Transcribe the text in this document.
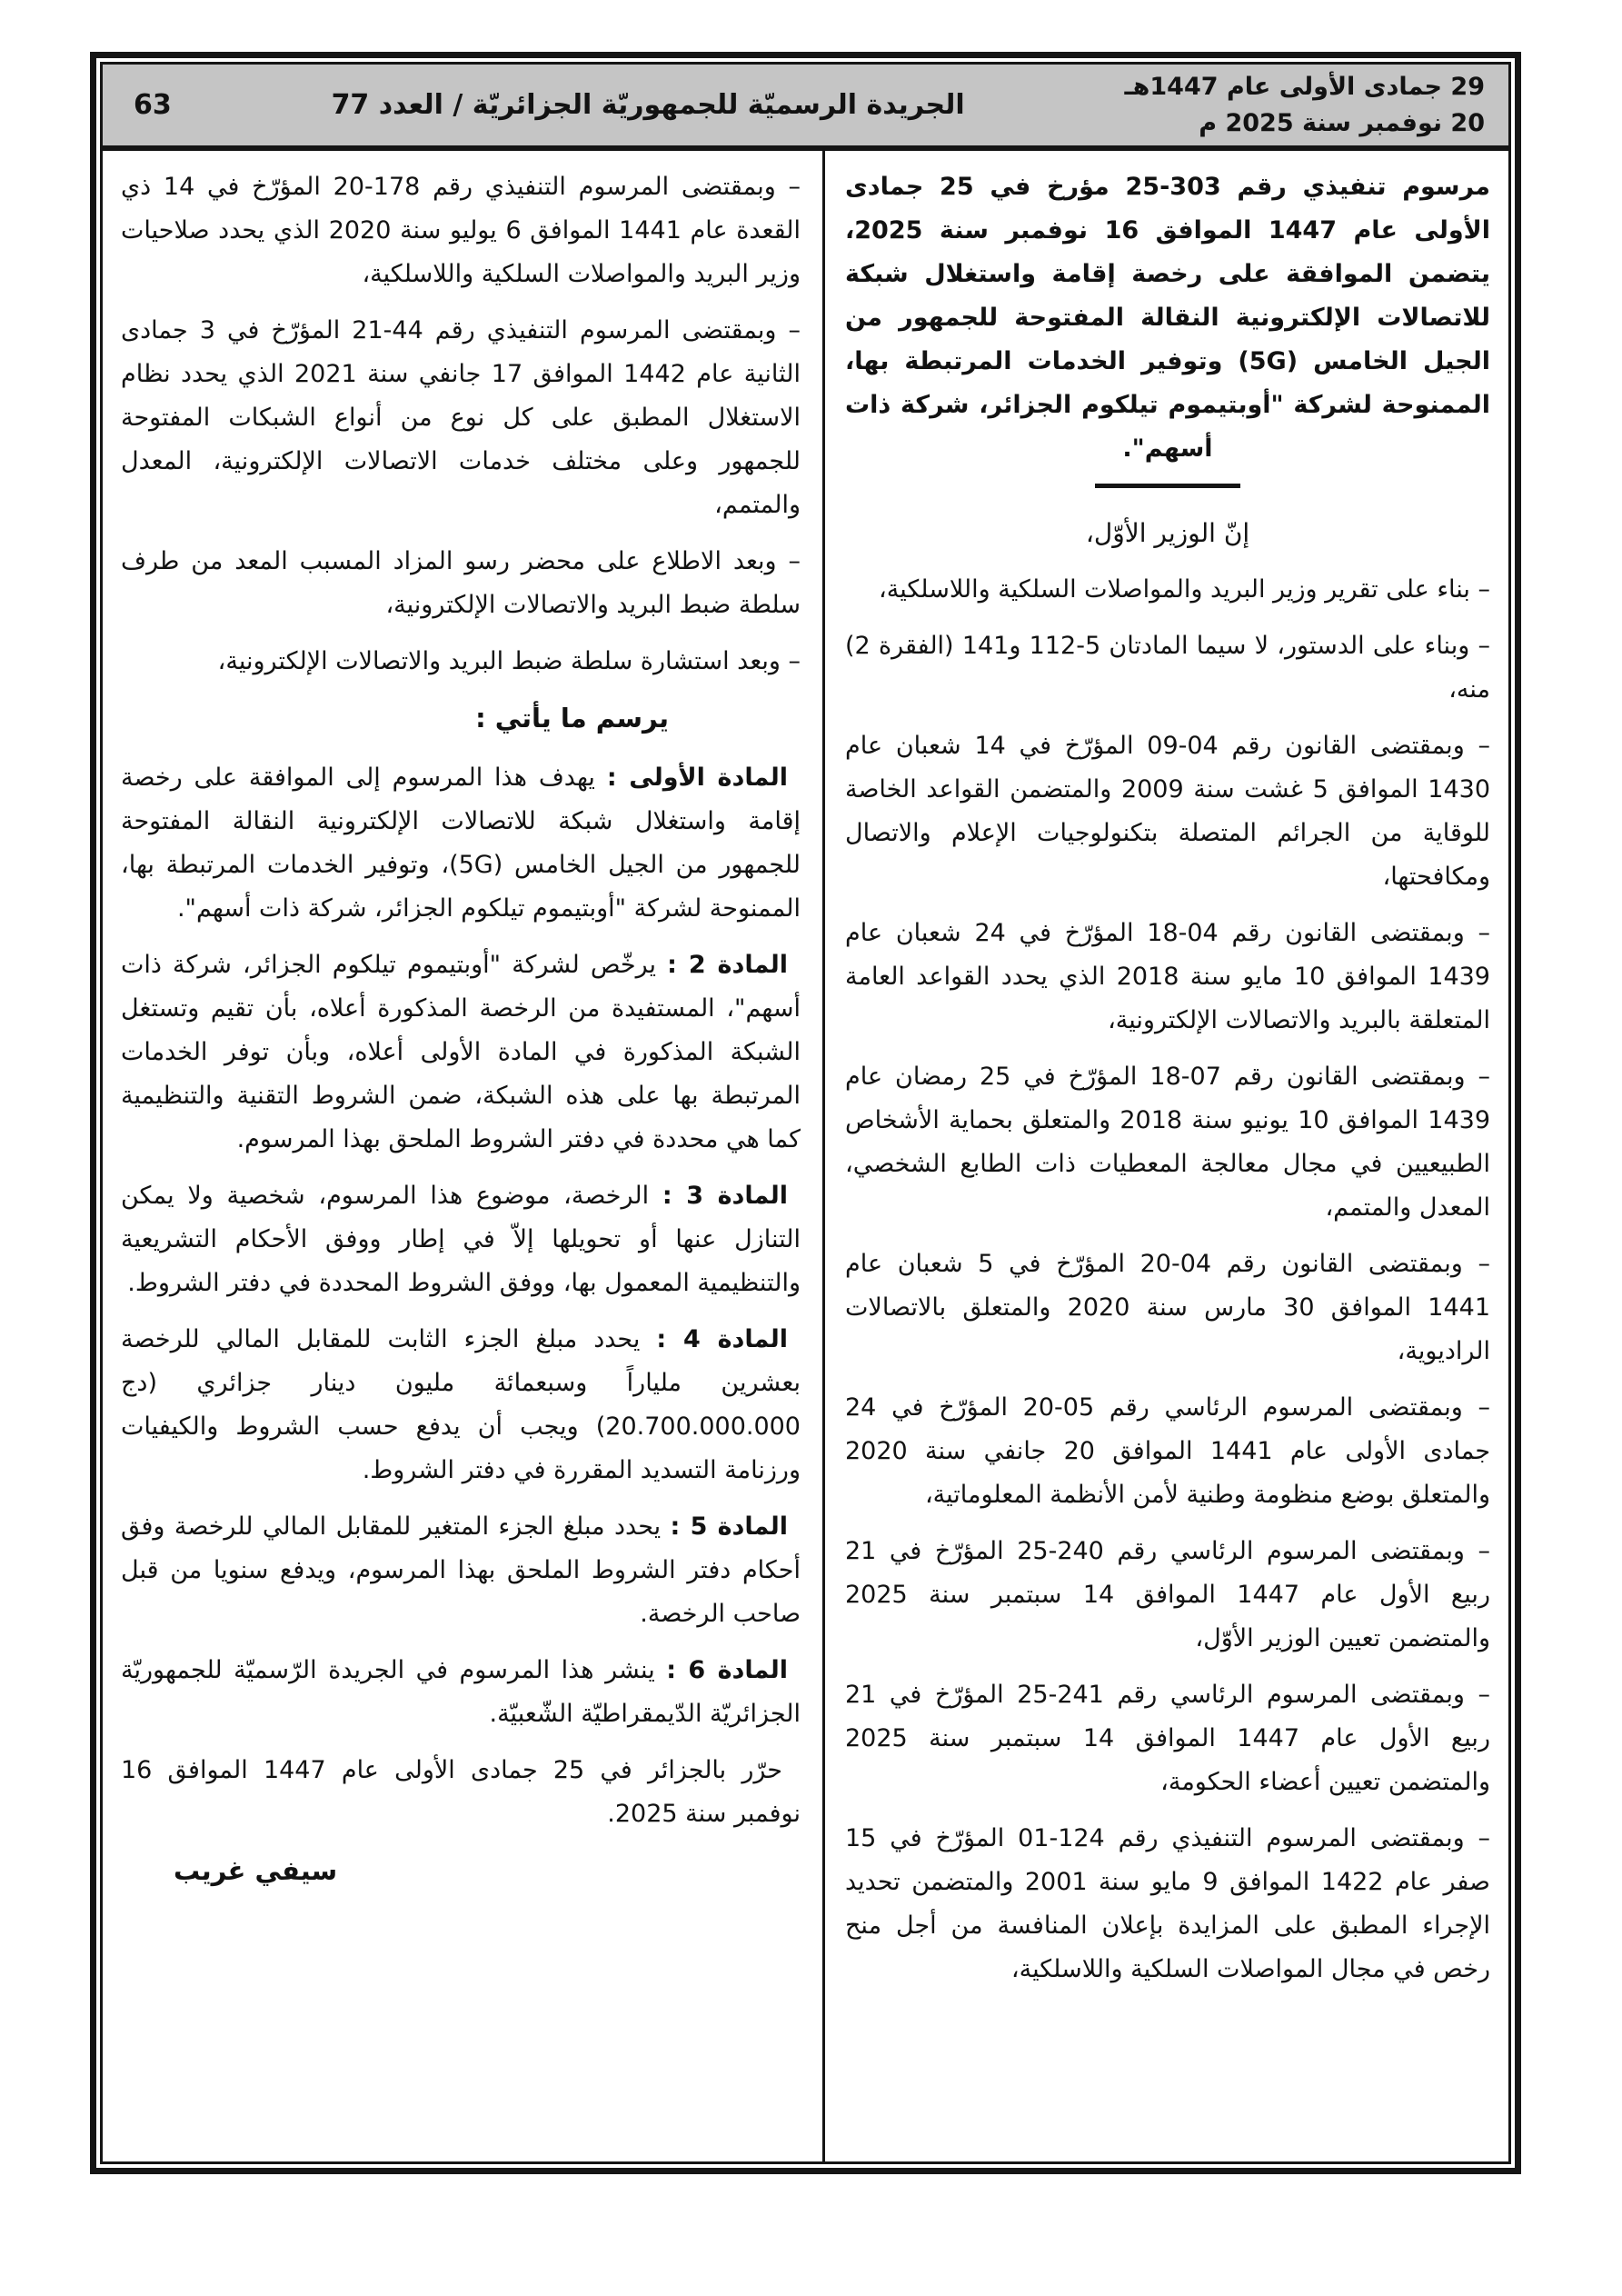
29 جمادى الأولى عام 1447هـ
20 نوفمبر سنة 2025 م
الجريدة الرسميّة للجمهوريّة الجزائريّة / العدد 77
63

مرسوم تنفيذي رقم 303-25 مؤرخ في 25 جمادى الأولى عام 1447 الموافق 16 نوفمبر سنة 2025، يتضمن الموافقة على رخصة إقامة واستغلال شبكة للاتصالات الإلكترونية النقالة المفتوحة للجمهور من الجيل الخامس (5G) وتوفير الخدمات المرتبطة بها، الممنوحة لشركة "أوبتيموم تيلكوم الجزائر، شركة ذات أسهم".

إنّ الوزير الأوّل،

– بناء على تقرير وزير البريد والمواصلات السلكية واللاسلكية،

– وبناء على الدستور، لا سيما المادتان 5-112 و141 (الفقرة 2) منه،

– وبمقتضى القانون رقم 04-09 المؤرّخ في 14 شعبان عام 1430 الموافق 5 غشت سنة 2009 والمتضمن القواعد الخاصة للوقاية من الجرائم المتصلة بتكنولوجيات الإعلام والاتصال ومكافحتها،

– وبمقتضى القانون رقم 04-18 المؤرّخ في 24 شعبان عام 1439 الموافق 10 مايو سنة 2018 الذي يحدد القواعد العامة المتعلقة بالبريد والاتصالات الإلكترونية،

– وبمقتضى القانون رقم 07-18 المؤرّخ في 25 رمضان عام 1439 الموافق 10 يونيو سنة 2018 والمتعلق بحماية الأشخاص الطبيعيين في مجال معالجة المعطيات ذات الطابع الشخصي، المعدل والمتمم،

– وبمقتضى القانون رقم 04-20 المؤرّخ في 5 شعبان عام 1441 الموافق 30 مارس سنة 2020 والمتعلق بالاتصالات الراديوية،

– وبمقتضى المرسوم الرئاسي رقم 05-20 المؤرّخ في 24 جمادى الأولى عام 1441 الموافق 20 جانفي سنة 2020 والمتعلق بوضع منظومة وطنية لأمن الأنظمة المعلوماتية،

– وبمقتضى المرسوم الرئاسي رقم 240-25 المؤرّخ في 21 ربيع الأول عام 1447 الموافق 14 سبتمبر سنة 2025 والمتضمن تعيين الوزير الأوّل،

– وبمقتضى المرسوم الرئاسي رقم 241-25 المؤرّخ في 21 ربيع الأول عام 1447 الموافق 14 سبتمبر سنة 2025 والمتضمن تعيين أعضاء الحكومة،

– وبمقتضى المرسوم التنفيذي رقم 124-01 المؤرّخ في 15 صفر عام 1422 الموافق 9 مايو سنة 2001 والمتضمن تحديد الإجراء المطبق على المزايدة بإعلان المنافسة من أجل منح رخص في مجال المواصلات السلكية واللاسلكية،

– وبمقتضى المرسوم التنفيذي رقم 178-20 المؤرّخ في 14 ذي القعدة عام 1441 الموافق 6 يوليو سنة 2020 الذي يحدد صلاحيات وزير البريد والمواصلات السلكية واللاسلكية،

– وبمقتضى المرسوم التنفيذي رقم 44-21 المؤرّخ في 3 جمادى الثانية عام 1442 الموافق 17 جانفي سنة 2021 الذي يحدد نظام الاستغلال المطبق على كل نوع من أنواع الشبكات المفتوحة للجمهور وعلى مختلف خدمات الاتصالات الإلكترونية، المعدل والمتمم،

– وبعد الاطلاع على محضر رسو المزاد المسبب المعد من طرف سلطة ضبط البريد والاتصالات الإلكترونية،

– وبعد استشارة سلطة ضبط البريد والاتصالات الإلكترونية،

يرسم ما يأتي :

المادة الأولى : يهدف هذا المرسوم إلى الموافقة على رخصة إقامة واستغلال شبكة للاتصالات الإلكترونية النقالة المفتوحة للجمهور من الجيل الخامس (5G)، وتوفير الخدمات المرتبطة بها، الممنوحة لشركة "أوبتيموم تيلكوم الجزائر، شركة ذات أسهم".

المادة 2 : يرخّص لشركة "أوبتيموم تيلكوم الجزائر، شركة ذات أسهم"، المستفيدة من الرخصة المذكورة أعلاه، بأن تقيم وتستغل الشبكة المذكورة في المادة الأولى أعلاه، وبأن توفر الخدمات المرتبطة بها على هذه الشبكة، ضمن الشروط التقنية والتنظيمية كما هي محددة في دفتر الشروط الملحق بهذا المرسوم.

المادة 3 : الرخصة، موضوع هذا المرسوم، شخصية ولا يمكن التنازل عنها أو تحويلها إلاّ في إطار ووفق الأحكام التشريعية والتنظيمية المعمول بها، ووفق الشروط المحددة في دفتر الشروط.

المادة 4 : يحدد مبلغ الجزء الثابت للمقابل المالي للرخصة بعشرين ملياراً وسبعمائة مليون دينار جزائري (دج 20.700.000.000) ويجب أن يدفع حسب الشروط والكيفيات ورزنامة التسديد المقررة في دفتر الشروط.

المادة 5 : يحدد مبلغ الجزء المتغير للمقابل المالي للرخصة وفق أحكام دفتر الشروط الملحق بهذا المرسوم، ويدفع سنويا من قبل صاحب الرخصة.

المادة 6 : ينشر هذا المرسوم في الجريدة الرّسميّة للجمهوريّة الجزائريّة الدّيمقراطيّة الشّعبيّة.

حرّر بالجزائر في 25 جمادى الأولى عام 1447 الموافق 16 نوفمبر سنة 2025.

سيفي غريب
